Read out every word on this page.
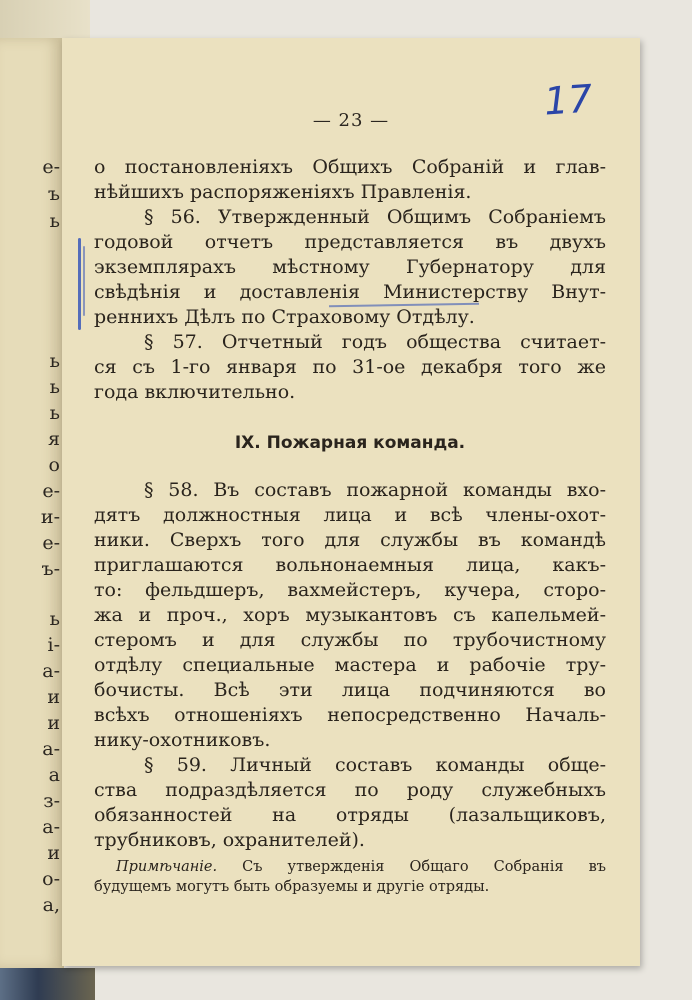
е-
ъ
ь
ь
ь
ь
я
о
е-
и-
е-
ъ-
ь
і-
а-
и
и
а-
а
з-
а-
и
о-
а,
— 23 —	17
о постановленіяхъ Общихъ Собраній и глав-
нѣйшихъ распоряженіяхъ Правленія.
§ 56. Утвержденный Общимъ Собраніемъ
годовой отчетъ представляется въ двухъ
экземплярахъ мѣстному Губернатору для
свѣдѣнія и доставленія Министерству Внут-
реннихъ Дѣлъ по Страховому Отдѣлу.
§ 57. Отчетный годъ общества считает-
ся съ 1-го января по 31-ое декабря того же
года включительно.
IX. Пожарная команда.
§ 58. Въ составъ пожарной команды вхо-
дятъ должностныя лица и всѣ члены-охот-
ники. Сверхъ того для службы въ командѣ
приглашаются вольнонаемныя лица, какъ-
то: фельдшеръ, вахмейстеръ, кучера, сторо-
жа и проч., хоръ музыкантовъ съ капельмей-
стеромъ и для службы по трубочистному
отдѣлу специальные мастера и рабочіе тру-
бочисты. Всѣ эти лица подчиняются во
всѣхъ отношеніяхъ непосредственно Началь-
нику-охотниковъ.
§ 59. Личный составъ команды обще-
ства подраздѣляется по роду служебныхъ
обязанностей на отряды (лазальщиковъ,
трубниковъ, охранителей).
Примѣчаніе. Съ утвержденія Общаго Собранія въ
будущемъ могутъ быть образуемы и другіе отряды.
